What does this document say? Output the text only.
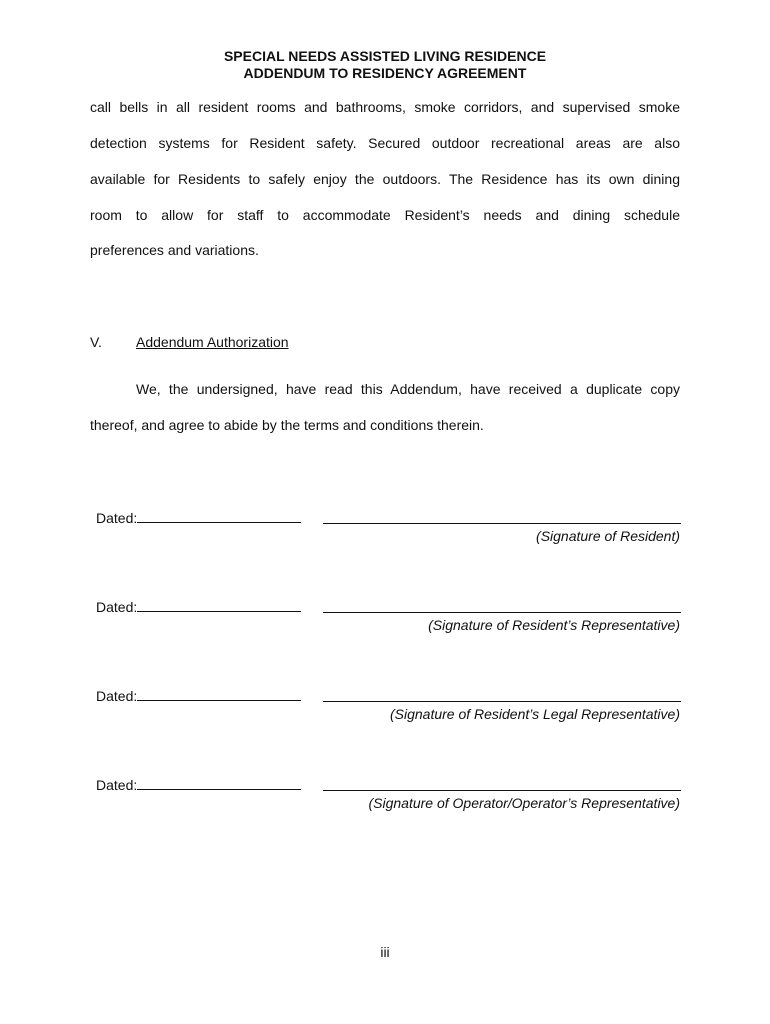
SPECIAL NEEDS ASSISTED LIVING RESIDENCE
ADDENDUM TO RESIDENCY AGREEMENT
call bells in all resident rooms and bathrooms, smoke corridors, and supervised smoke
detection systems for Resident safety. Secured outdoor recreational areas are also
available for Residents to safely enjoy the outdoors. The Residence has its own dining
room to allow for staff to accommodate Resident’s needs and dining schedule
preferences and variations.
V. Addendum Authorization
We, the undersigned, have read this Addendum, have received a duplicate copy
thereof, and agree to abide by the terms and conditions therein.
Dated:
(Signature of Resident)
Dated:
(Signature of Resident’s Representative)
Dated:
(Signature of Resident’s Legal Representative)
Dated:
(Signature of Operator/Operator’s Representative)
iii
